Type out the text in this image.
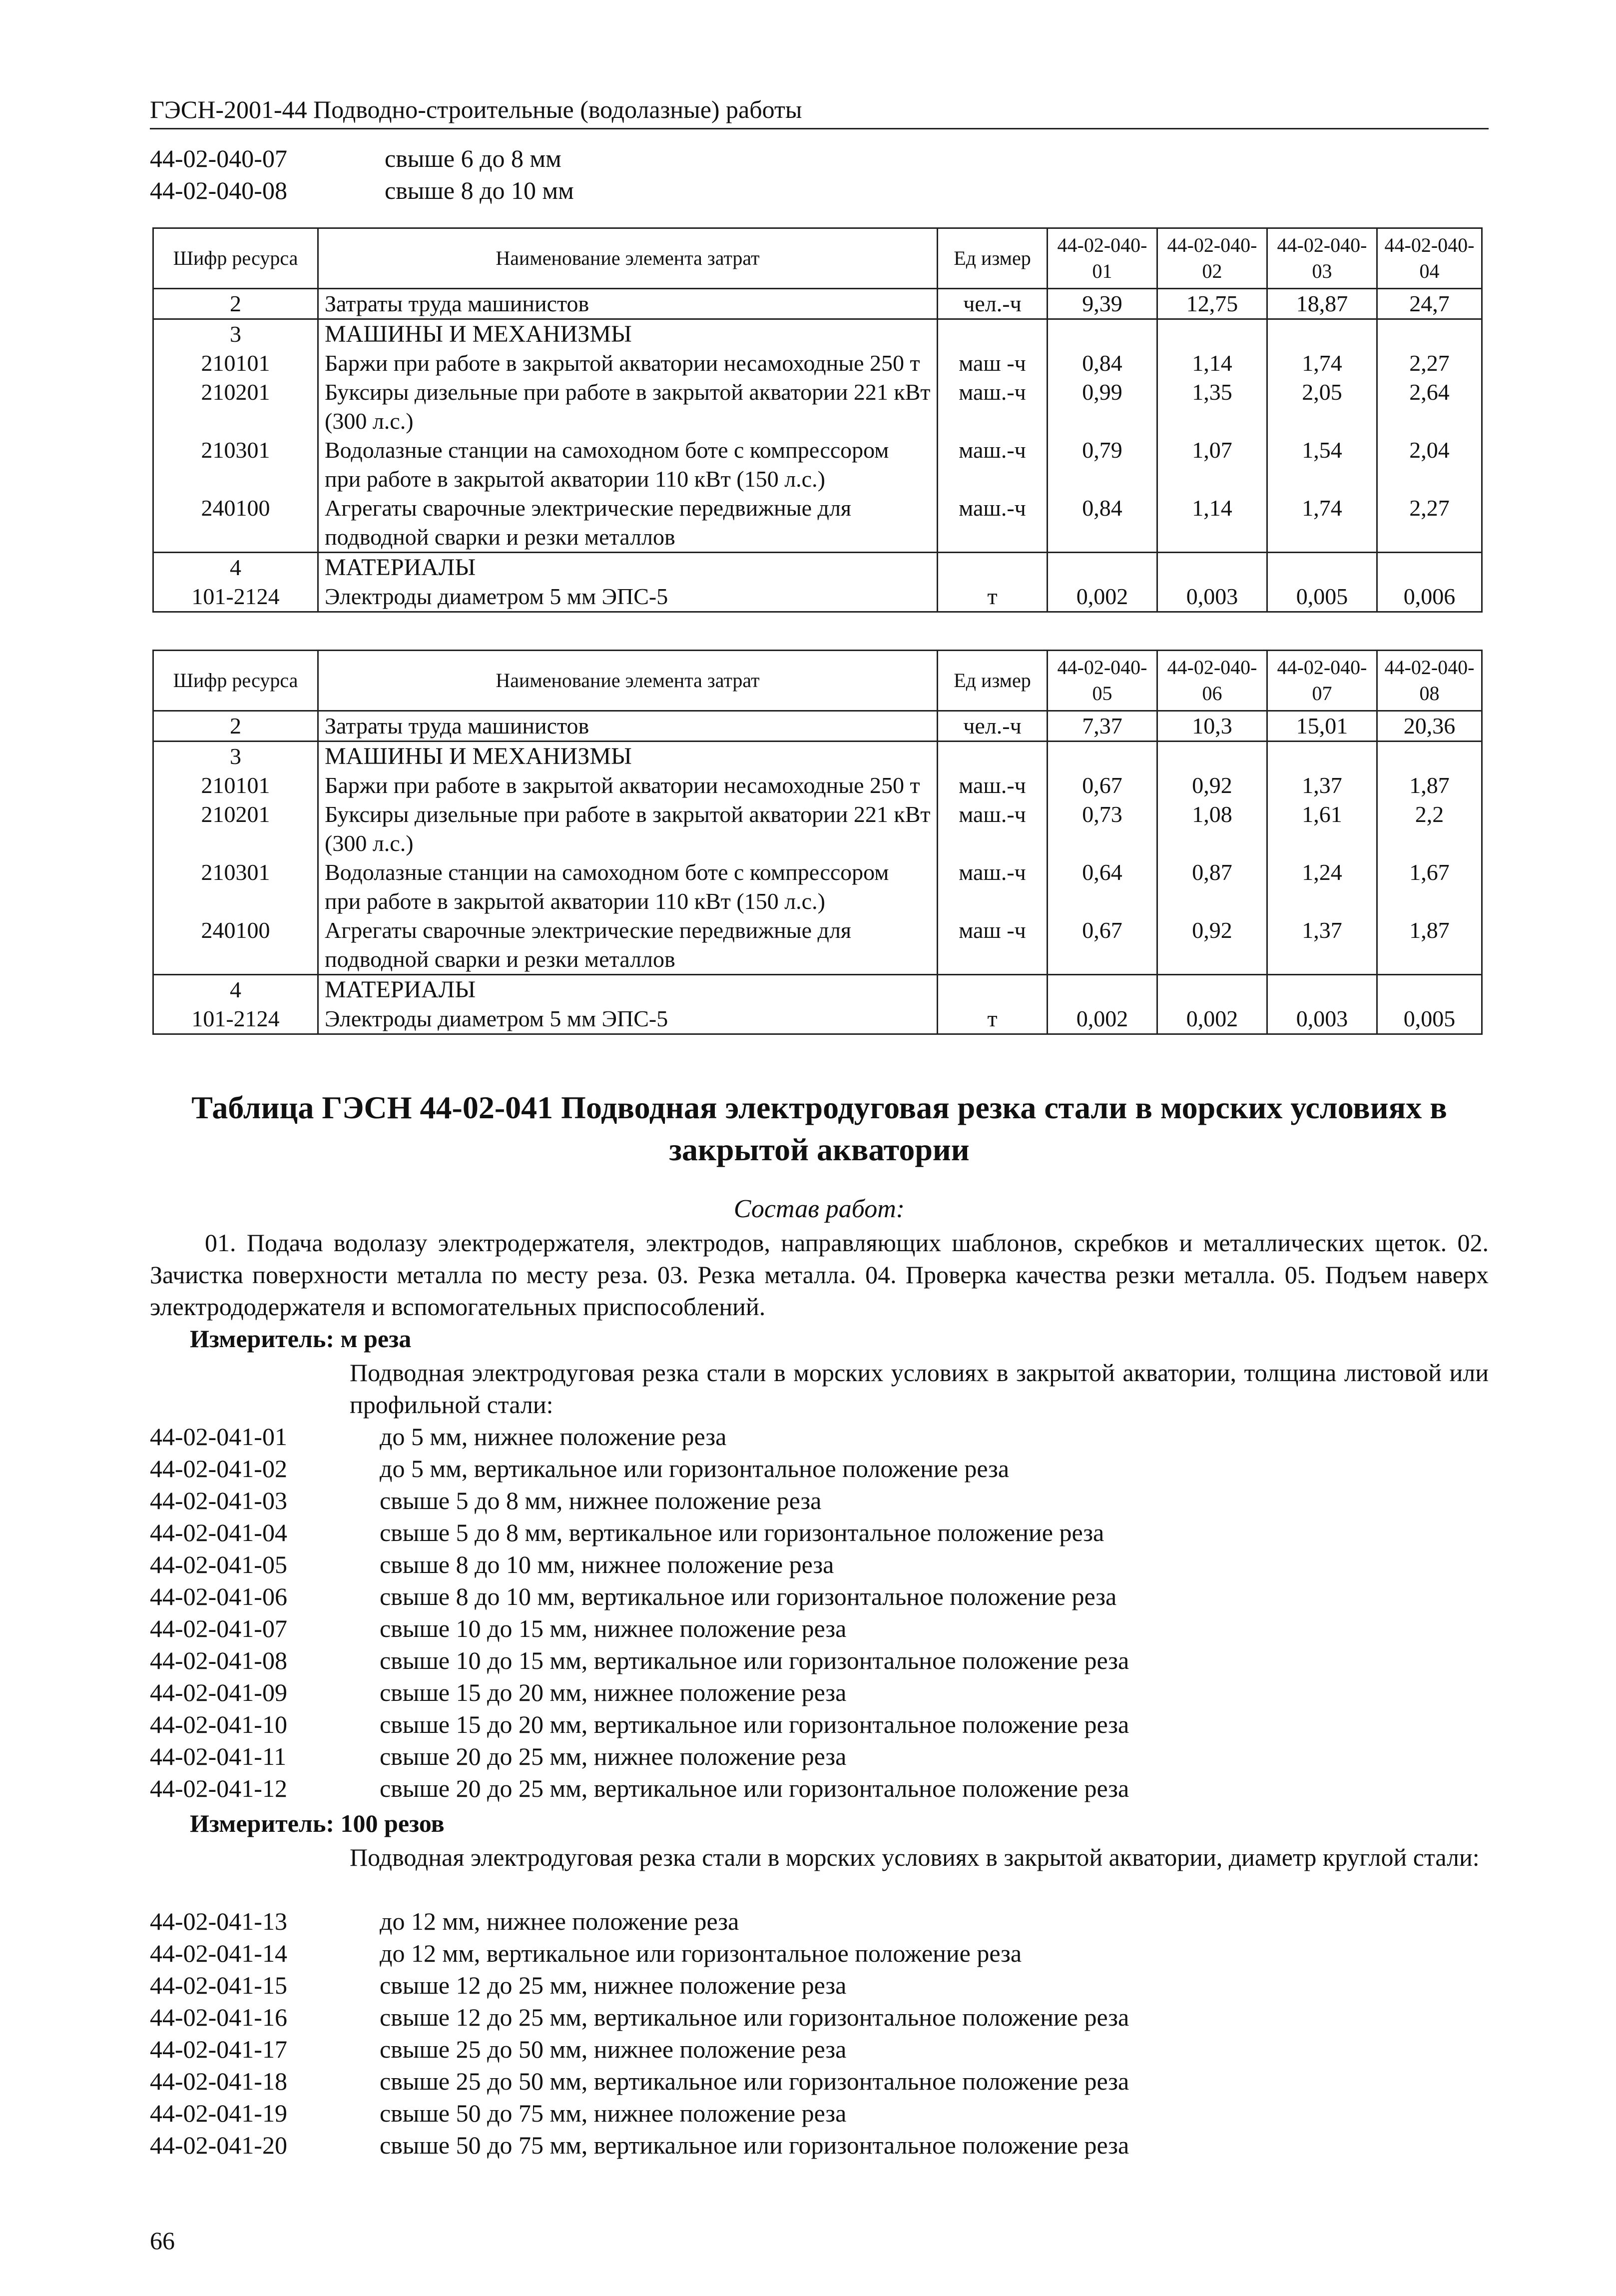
ГЭСН-2001-44 Подводно-строительные (водолазные) работы
44-02-040-07	свыше 6 до 8 мм
44-02-040-08	свыше 8 до 10 мм
Шифр ресурса	Наименование элемента затрат	Ед измер	44-02-040-01	44-02-040-02	44-02-040-03	44-02-040-04
2	Затраты труда машинистов	чел.-ч	9,39	12,75	18,87	24,7
3	МАШИНЫ И МЕХАНИЗМЫ					
210101	Баржи при работе в закрытой акватории несамоходные 250 т	маш -ч	0,84	1,14	1,74	2,27
210201	Буксиры дизельные при работе в закрытой акватории 221 кВт (300 л.с.)	маш.-ч	0,99	1,35	2,05	2,64
210301	Водолазные станции на самоходном боте с компрессором при работе в закрытой акватории 110 кВт (150 л.с.)	маш.-ч	0,79	1,07	1,54	2,04
240100	Агрегаты сварочные электрические передвижные для подводной сварки и резки металлов	маш.-ч	0,84	1,14	1,74	2,27
4	МАТЕРИАЛЫ					
101-2124	Электроды диаметром 5 мм ЭПС-5	т	0,002	0,003	0,005	0,006
Шифр ресурса	Наименование элемента затрат	Ед измер	44-02-040-05	44-02-040-06	44-02-040-07	44-02-040-08
2	Затраты труда машинистов	чел.-ч	7,37	10,3	15,01	20,36
3	МАШИНЫ И МЕХАНИЗМЫ					
210101	Баржи при работе в закрытой акватории несамоходные 250 т	маш.-ч	0,67	0,92	1,37	1,87
210201	Буксиры дизельные при работе в закрытой акватории 221 кВт (300 л.с.)	маш.-ч	0,73	1,08	1,61	2,2
210301	Водолазные станции на самоходном боте с компрессором при работе в закрытой акватории 110 кВт (150 л.с.)	маш.-ч	0,64	0,87	1,24	1,67
240100	Агрегаты сварочные электрические передвижные для подводной сварки и резки металлов	маш -ч	0,67	0,92	1,37	1,87
4	МАТЕРИАЛЫ					
101-2124	Электроды диаметром 5 мм ЭПС-5	т	0,002	0,002	0,003	0,005
Таблица ГЭСН 44-02-041 Подводная электродуговая резка стали в морских условиях в закрытой акватории
Состав работ:
01. Подача водолазу электродержателя, электродов, направляющих шаблонов, скребков и металлических щеток. 02. Зачистка поверхности металла по месту реза. 03. Резка металла. 04. Проверка качества резки металла. 05. Подъем наверх электрододержателя и вспомогательных приспособлений.
Измеритель: м реза
Подводная электродуговая резка стали в морских условиях в закрытой акватории, толщина листовой или профильной стали:
44-02-041-01	до 5 мм, нижнее положение реза
44-02-041-02	до 5 мм, вертикальное или горизонтальное положение реза
44-02-041-03	свыше 5 до 8 мм, нижнее положение реза
44-02-041-04	свыше 5 до 8 мм, вертикальное или горизонтальное положение реза
44-02-041-05	свыше 8 до 10 мм, нижнее положение реза
44-02-041-06	свыше 8 до 10 мм, вертикальное или горизонтальное положение реза
44-02-041-07	свыше 10 до 15 мм, нижнее положение реза
44-02-041-08	свыше 10 до 15 мм, вертикальное или горизонтальное положение реза
44-02-041-09	свыше 15 до 20 мм, нижнее положение реза
44-02-041-10	свыше 15 до 20 мм, вертикальное или горизонтальное положение реза
44-02-041-11	свыше 20 до 25 мм, нижнее положение реза
44-02-041-12	свыше 20 до 25 мм, вертикальное или горизонтальное положение реза
Измеритель: 100 резов
Подводная электродуговая резка стали в морских условиях в закрытой акватории, диаметр круглой стали:
44-02-041-13	до 12 мм, нижнее положение реза
44-02-041-14	до 12 мм, вертикальное или горизонтальное положение реза
44-02-041-15	свыше 12 до 25 мм, нижнее положение реза
44-02-041-16	свыше 12 до 25 мм, вертикальное или горизонтальное положение реза
44-02-041-17	свыше 25 до 50 мм, нижнее положение реза
44-02-041-18	свыше 25 до 50 мм, вертикальное или горизонтальное положение реза
44-02-041-19	свыше 50 до 75 мм, нижнее положение реза
44-02-041-20	свыше 50 до 75 мм, вертикальное или горизонтальное положение реза
66
